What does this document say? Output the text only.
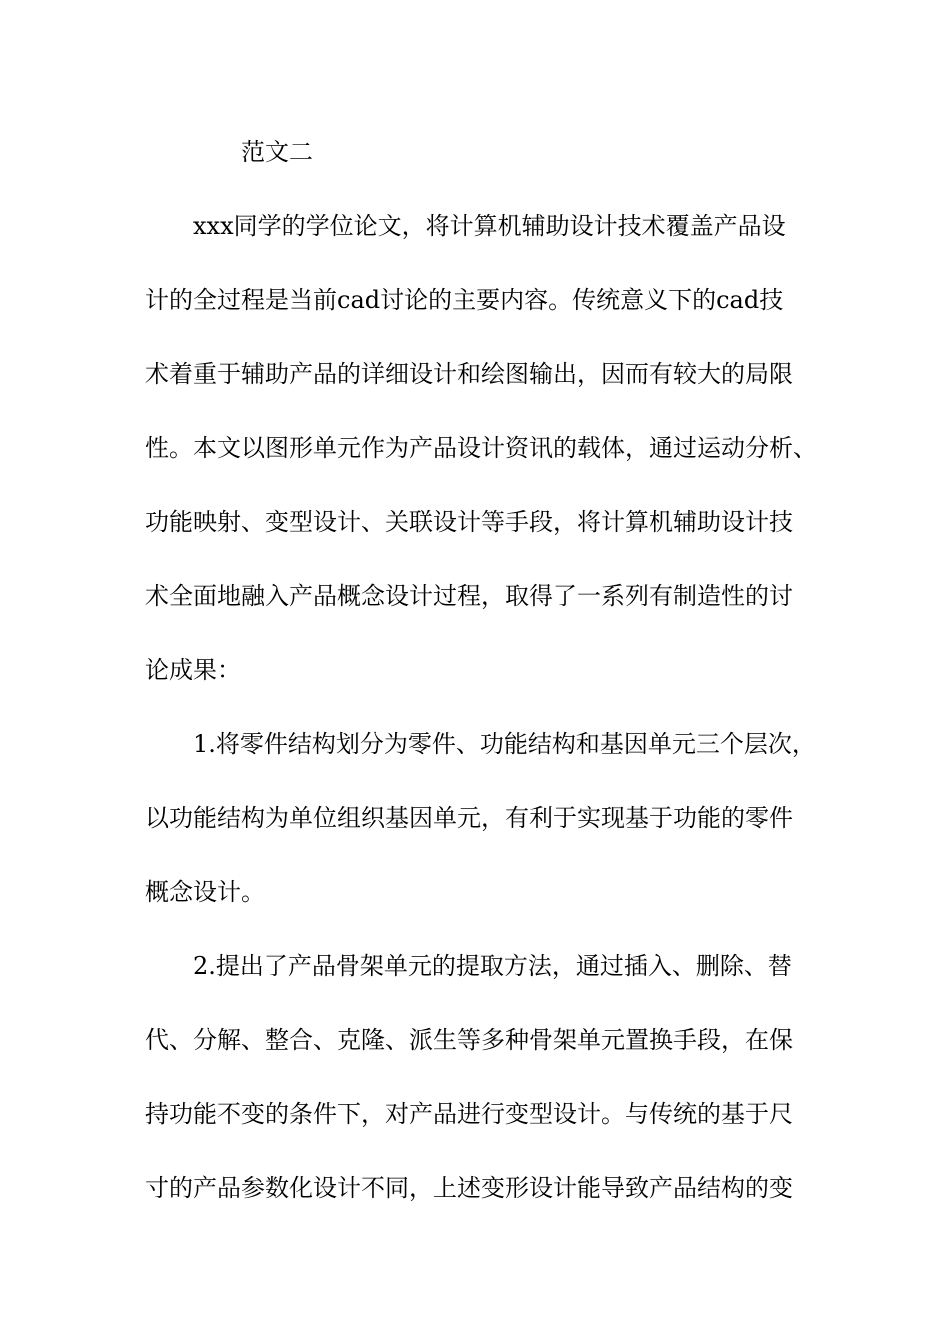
范文二
xxx同学的学位论文，将计算机辅助设计技术覆盖产品设
计的全过程是当前cad讨论的主要内容。传统意义下的cad技
术着重于辅助产品的详细设计和绘图输出，因而有较大的局限
性。本文以图形单元作为产品设计资讯的载体，通过运动分析、
功能映射、变型设计、关联设计等手段，将计算机辅助设计技
术全面地融入产品概念设计过程，取得了一系列有制造性的讨
论成果：
1.将零件结构划分为零件、功能结构和基因单元三个层次，
以功能结构为单位组织基因单元，有利于实现基于功能的零件
概念设计。
2.提出了产品骨架单元的提取方法，通过插入、删除、替
代、分解、整合、克隆、派生等多种骨架单元置换手段，在保
持功能不变的条件下，对产品进行变型设计。与传统的基于尺
寸的产品参数化设计不同，上述变形设计能导致产品结构的变
